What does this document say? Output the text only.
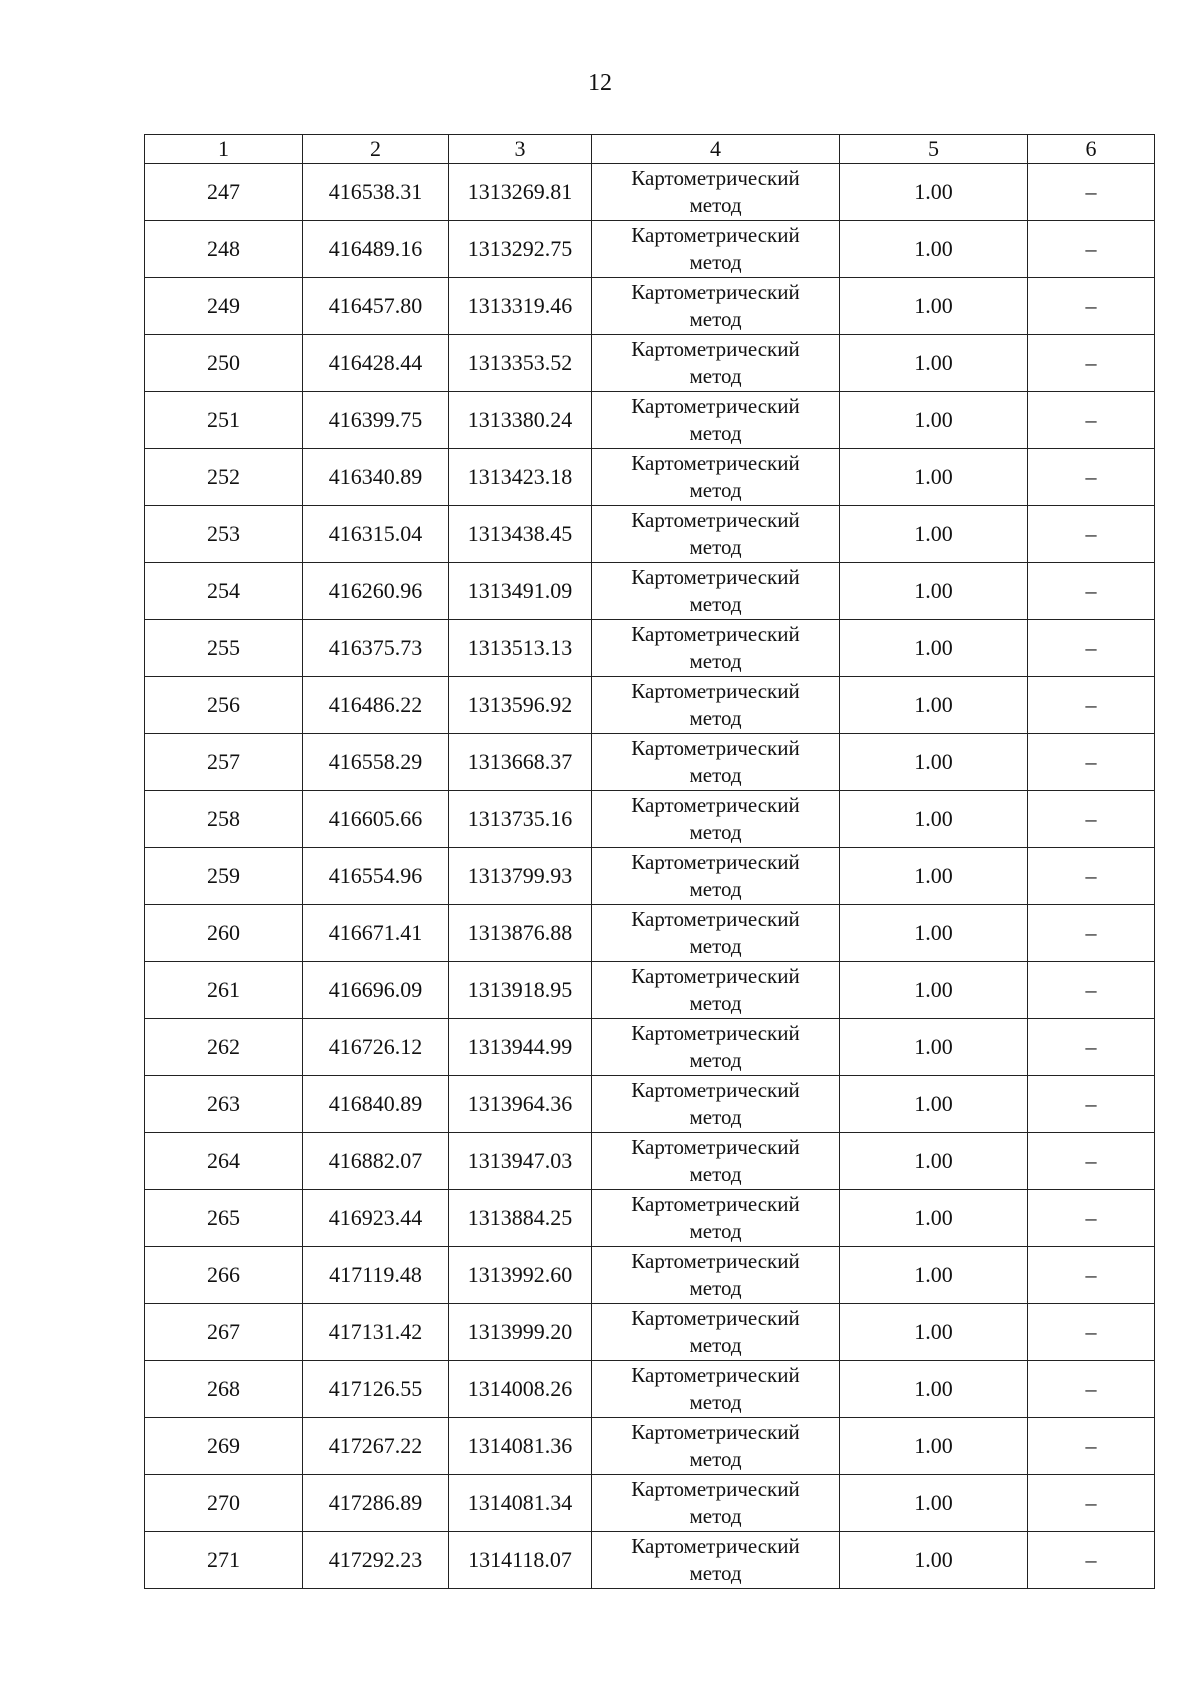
12
1	2	3	4	5	6
247	416538.31	1313269.81	Картометрический
метод	1.00	–
248	416489.16	1313292.75	Картометрический
метод	1.00	–
249	416457.80	1313319.46	Картометрический
метод	1.00	–
250	416428.44	1313353.52	Картометрический
метод	1.00	–
251	416399.75	1313380.24	Картометрический
метод	1.00	–
252	416340.89	1313423.18	Картометрический
метод	1.00	–
253	416315.04	1313438.45	Картометрический
метод	1.00	–
254	416260.96	1313491.09	Картометрический
метод	1.00	–
255	416375.73	1313513.13	Картометрический
метод	1.00	–
256	416486.22	1313596.92	Картометрический
метод	1.00	–
257	416558.29	1313668.37	Картометрический
метод	1.00	–
258	416605.66	1313735.16	Картометрический
метод	1.00	–
259	416554.96	1313799.93	Картометрический
метод	1.00	–
260	416671.41	1313876.88	Картометрический
метод	1.00	–
261	416696.09	1313918.95	Картометрический
метод	1.00	–
262	416726.12	1313944.99	Картометрический
метод	1.00	–
263	416840.89	1313964.36	Картометрический
метод	1.00	–
264	416882.07	1313947.03	Картометрический
метод	1.00	–
265	416923.44	1313884.25	Картометрический
метод	1.00	–
266	417119.48	1313992.60	Картометрический
метод	1.00	–
267	417131.42	1313999.20	Картометрический
метод	1.00	–
268	417126.55	1314008.26	Картометрический
метод	1.00	–
269	417267.22	1314081.36	Картометрический
метод	1.00	–
270	417286.89	1314081.34	Картометрический
метод	1.00	–
271	417292.23	1314118.07	Картометрический
метод	1.00	–
